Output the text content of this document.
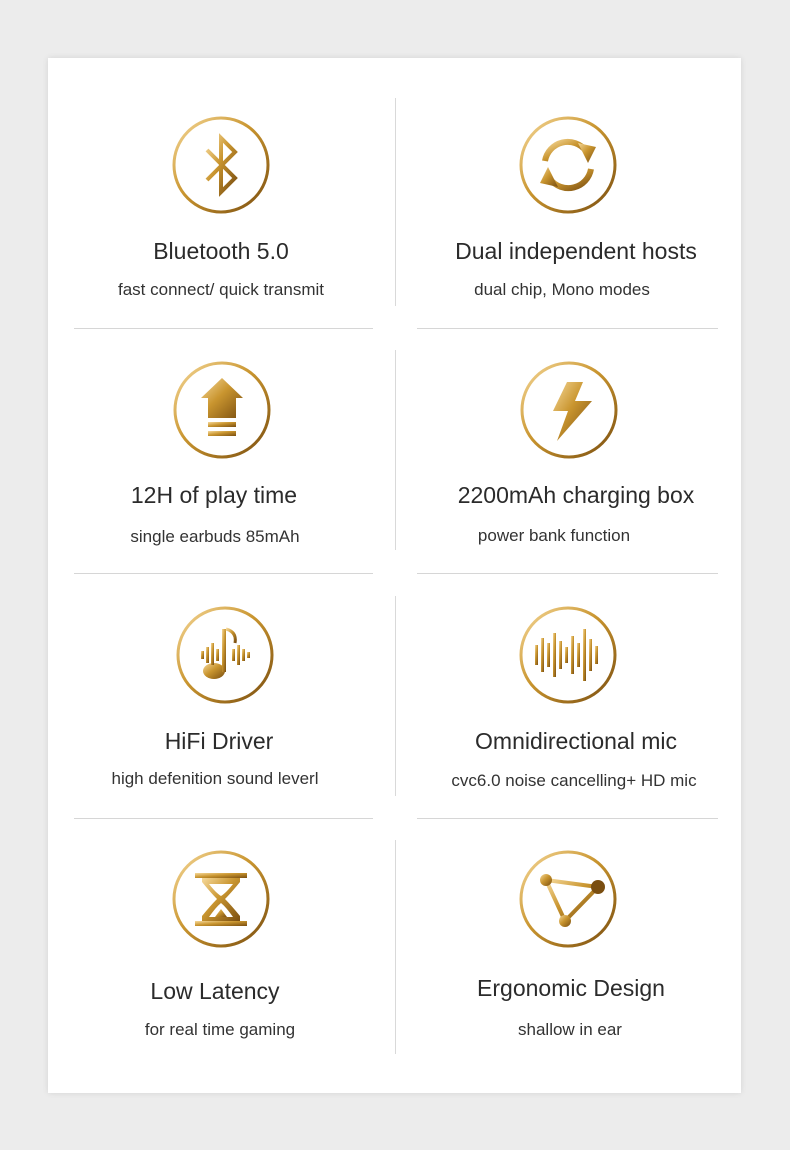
Bluetooth 5.0
fast connect/ quick transmit
Dual independent hosts
dual chip, Mono modes
12H of play time
single earbuds 85mAh
2200mAh charging box
power bank function
HiFi Driver
high defenition sound leverl
Omnidirectional mic
cvc6.0 noise cancelling+ HD mic
Low Latency
for real time gaming
Ergonomic Design
shallow in ear
